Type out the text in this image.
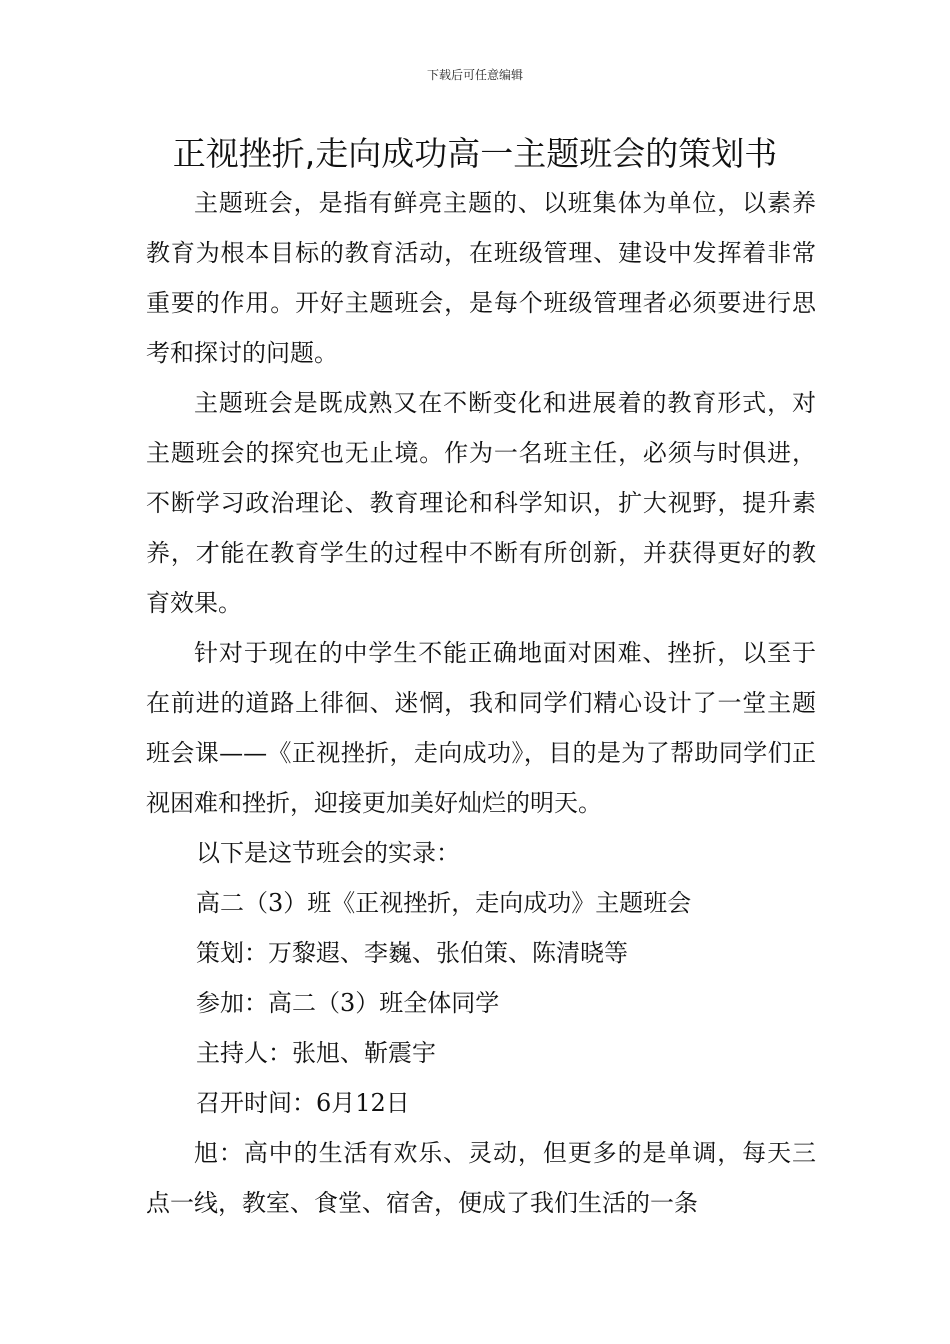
下载后可任意编辑
正视挫折,走向成功高一主题班会的策划书

主题班会，是指有鲜亮主题的、以班集体为单位，以素养教育为根本目标的教育活动，在班级管理、建设中发挥着非常重要的作用。开好主题班会，是每个班级管理者必须要进行思考和探讨的问题。

主题班会是既成熟又在不断变化和进展着的教育形式，对主题班会的探究也无止境。作为一名班主任，必须与时俱进，不断学习政治理论、教育理论和科学知识，扩大视野，提升素养，才能在教育学生的过程中不断有所创新，并获得更好的教育效果。

针对于现在的中学生不能正确地面对困难、挫折，以至于在前进的道路上徘徊、迷惘，我和同学们精心设计了一堂主题班会课——《正视挫折，走向成功》，目的是为了帮助同学们正视困难和挫折，迎接更加美好灿烂的明天。

以下是这节班会的实录：

高二（3）班《正视挫折，走向成功》主题班会

策划：万黎遐、李巍、张伯策、陈清晓等

参加：高二（3）班全体同学

主持人：张旭、靳震宇

召开时间：6月12日

旭：高中的生活有欢乐、灵动，但更多的是单调，每天三点一线，教室、食堂、宿舍，便成了我们生活的一条
